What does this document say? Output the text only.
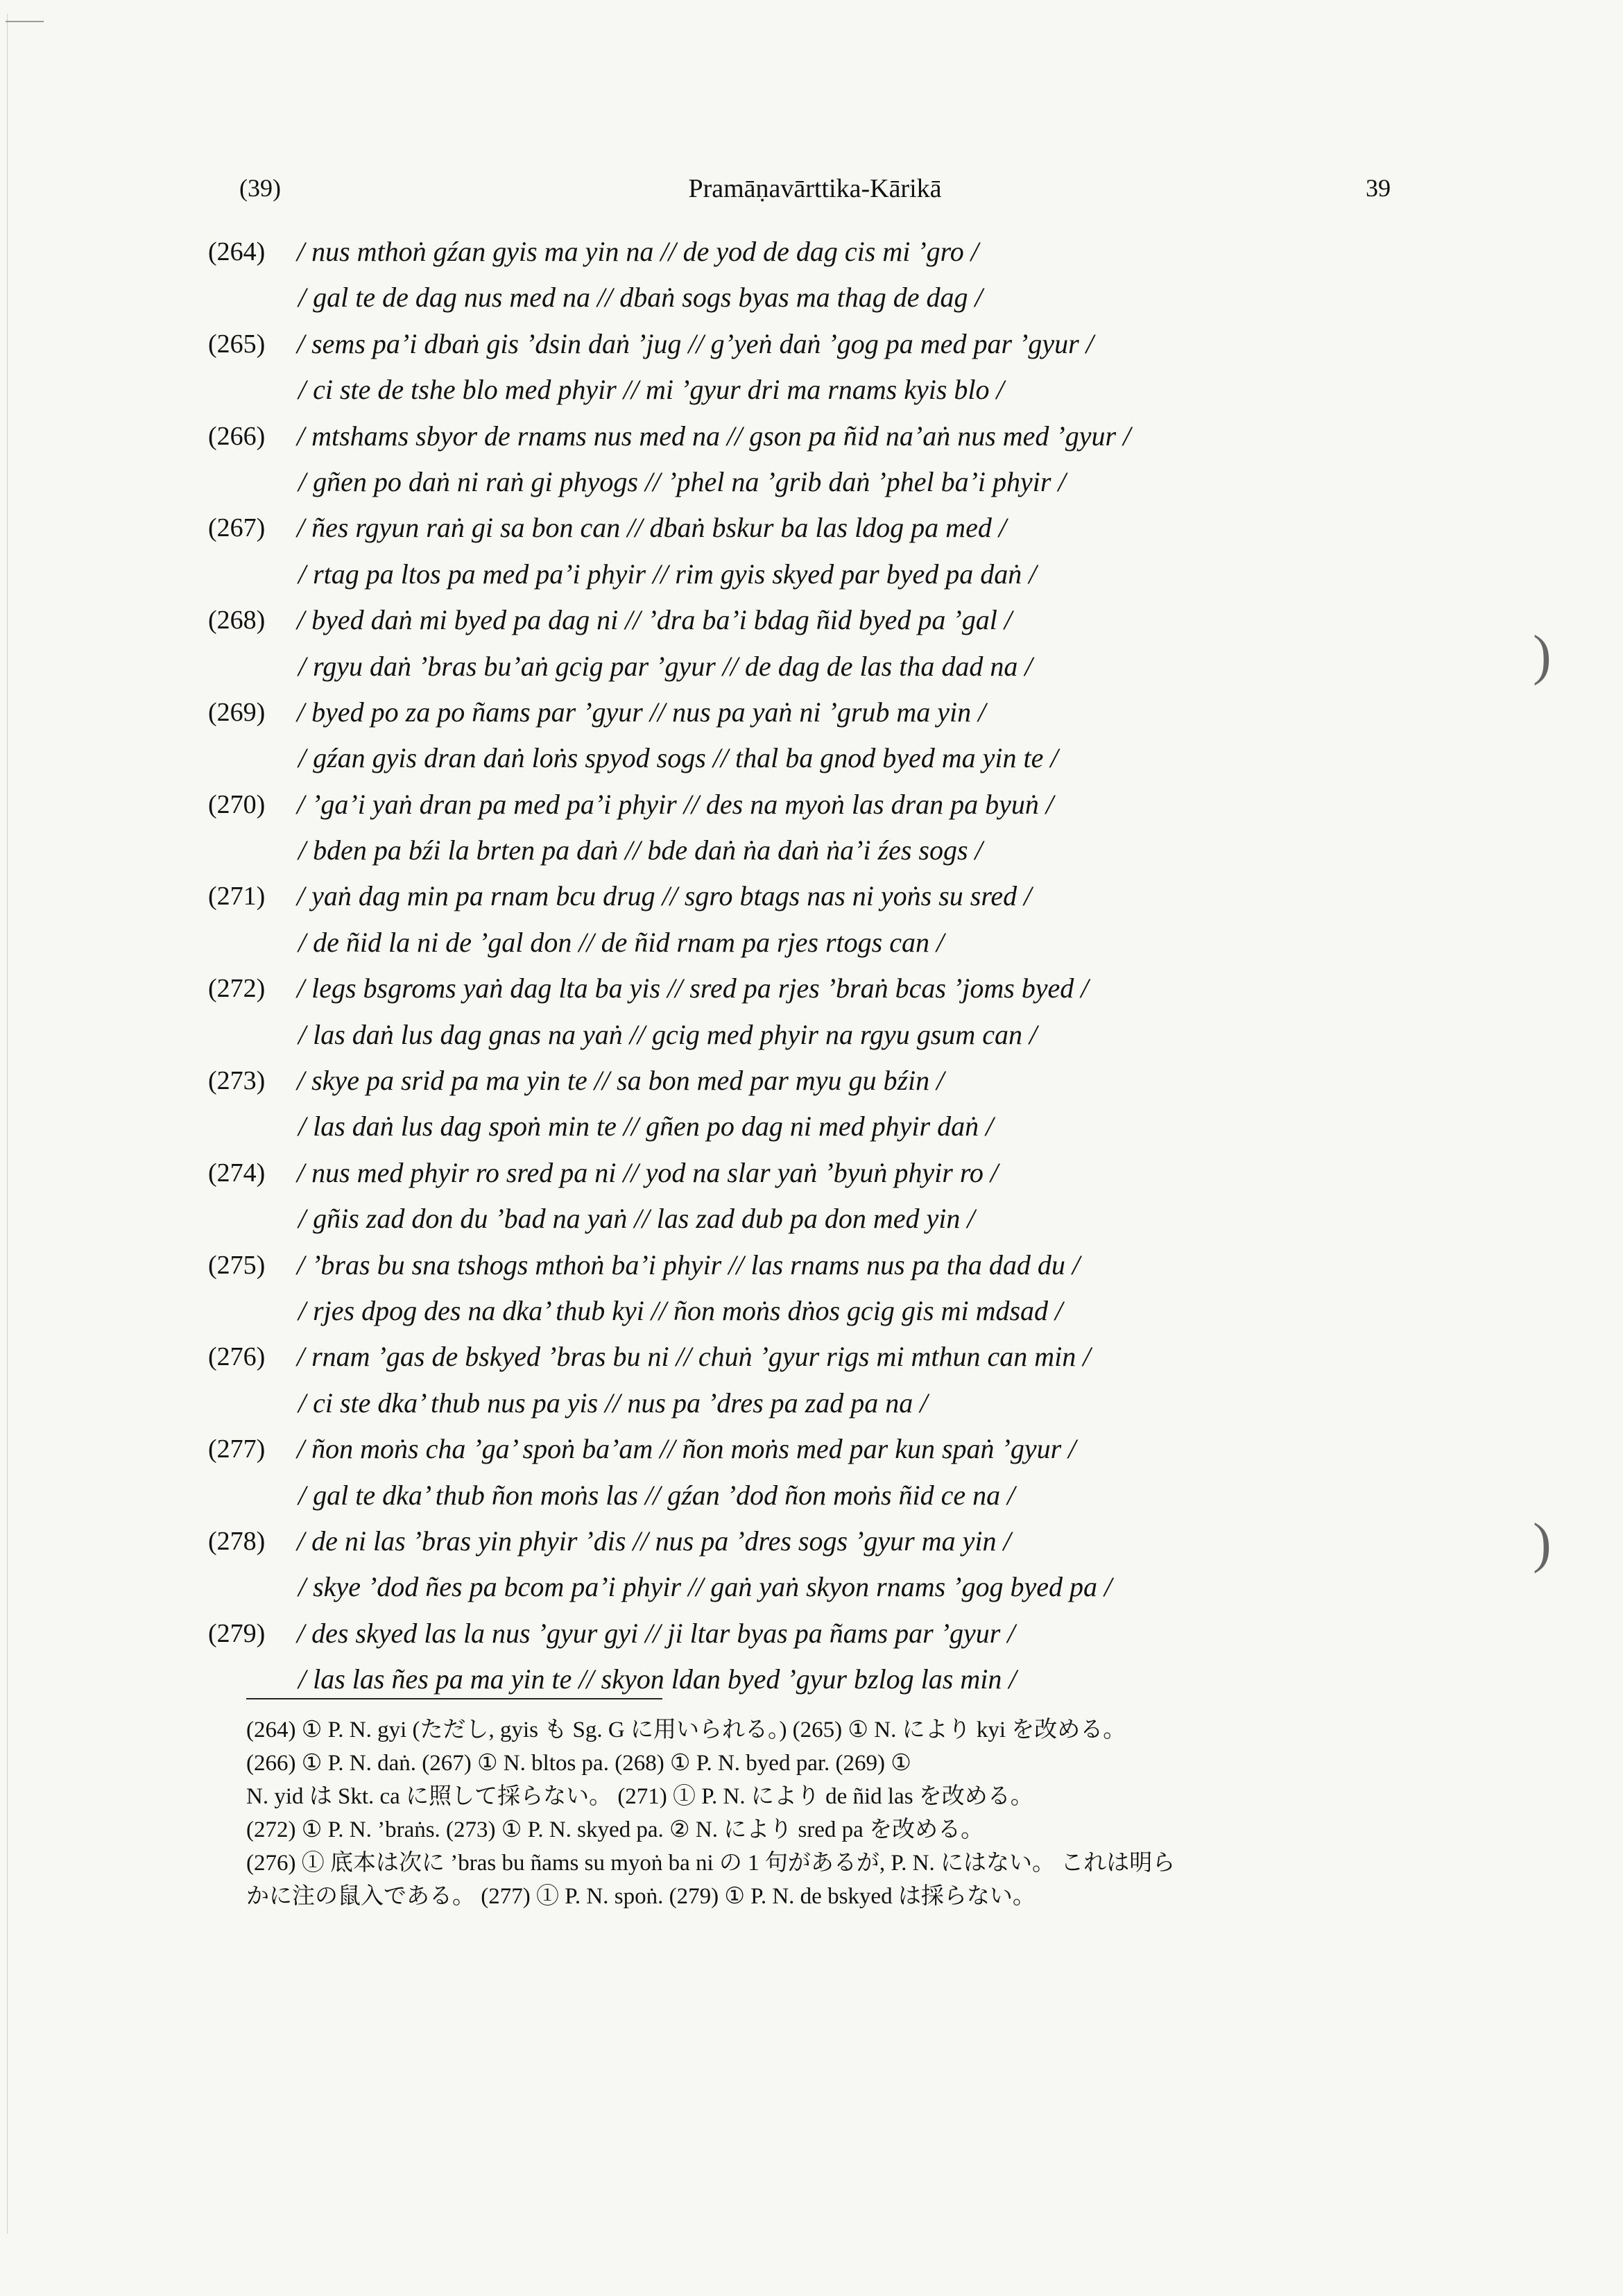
)
)
(39)	Pramāṇavārttika-Kārikā	39
(264)	/ nus mthoṅ gźan gyis ma yin na // de yod de dag cis mi ’gro /
/ gal te de dag nus med na // dbaṅ sogs byas ma thag de dag /
(265)	/ sems pa’i dbaṅ gis ’dsin daṅ ’jug // g’yeṅ daṅ ’gog pa med par ’gyur /
/ ci ste de tshe blo med phyir // mi ’gyur dri ma rnams kyis blo /
(266)	/ mtshams sbyor de rnams nus med na // gson pa ñid na’aṅ nus med ’gyur /
/ gñen po daṅ ni raṅ gi phyogs // ’phel na ’grib daṅ ’phel ba’i phyir /
(267)	/ ñes rgyun raṅ gi sa bon can // dbaṅ bskur ba las ldog pa med /
/ rtag pa ltos pa med pa’i phyir // rim gyis skyed par byed pa daṅ /
(268)	/ byed daṅ mi byed pa dag ni // ’dra ba’i bdag ñid byed pa ’gal /
/ rgyu daṅ ’bras bu’aṅ gcig par ’gyur // de dag de las tha dad na /
(269)	/ byed po za po ñams par ’gyur // nus pa yaṅ ni ’grub ma yin /
/ gźan gyis dran daṅ loṅs spyod sogs // thal ba gnod byed ma yin te /
(270)	/ ’ga’i yaṅ dran pa med pa’i phyir // des na myoṅ las dran pa byuṅ /
/ bden pa bźi la brten pa daṅ // bde daṅ ṅa daṅ ṅa’i źes sogs /
(271)	/ yaṅ dag min pa rnam bcu drug // sgro btags nas ni yoṅs su sred /
/ de ñid la ni de ’gal don // de ñid rnam pa rjes rtogs can /
(272)	/ legs bsgroms yaṅ dag lta ba yis // sred pa rjes ’braṅ bcas ’joms byed /
/ las daṅ lus dag gnas na yaṅ // gcig med phyir na rgyu gsum can /
(273)	/ skye pa srid pa ma yin te // sa bon med par myu gu bźin /
/ las daṅ lus dag spoṅ min te // gñen po dag ni med phyir daṅ /
(274)	/ nus med phyir ro sred pa ni // yod na slar yaṅ ’byuṅ phyir ro /
/ gñis zad don du ’bad na yaṅ // las zad dub pa don med yin /
(275)	/ ’bras bu sna tshogs mthoṅ ba’i phyir // las rnams nus pa tha dad du /
/ rjes dpog des na dka’ thub kyi // ñon moṅs dṅos gcig gis mi mdsad /
(276)	/ rnam ’gas de bskyed ’bras bu ni // chuṅ ’gyur rigs mi mthun can min /
/ ci ste dka’ thub nus pa yis // nus pa ’dres pa zad pa na /
(277)	/ ñon moṅs cha ’ga’ spoṅ ba’am // ñon moṅs med par kun spaṅ ’gyur /
/ gal te dka’ thub ñon moṅs las // gźan ’dod ñon moṅs ñid ce na /
(278)	/ de ni las ’bras yin phyir ’dis // nus pa ’dres sogs ’gyur ma yin /
/ skye ’dod ñes pa bcom pa’i phyir // gaṅ yaṅ skyon rnams ’gog byed pa /
(279)	/ des skyed las la nus ’gyur gyi // ji ltar byas pa ñams par ’gyur /
/ las las ñes pa ma yin te // skyon ldan byed ’gyur bzlog las min /
(264) ① P. N. gyi (ただし, gyis も Sg. G に用いられる。) (265) ① N. により kyi を改める。
(266) ① P. N. daṅ. (267) ① N. bltos pa. (268) ① P. N. byed par. (269) ①
N. yid は Skt. ca に照して採らない。 (271) ① P. N. により de ñid las を改める。
(272) ① P. N. ’braṅs. (273) ① P. N. skyed pa. ② N. により sred pa を改める。
(276) ① 底本は次に ’bras bu ñams su myoṅ ba ni の 1 句があるが, P. N. にはない。 これは明ら
かに注の鼠入である。 (277) ① P. N. spoṅ. (279) ① P. N. de bskyed は採らない。
